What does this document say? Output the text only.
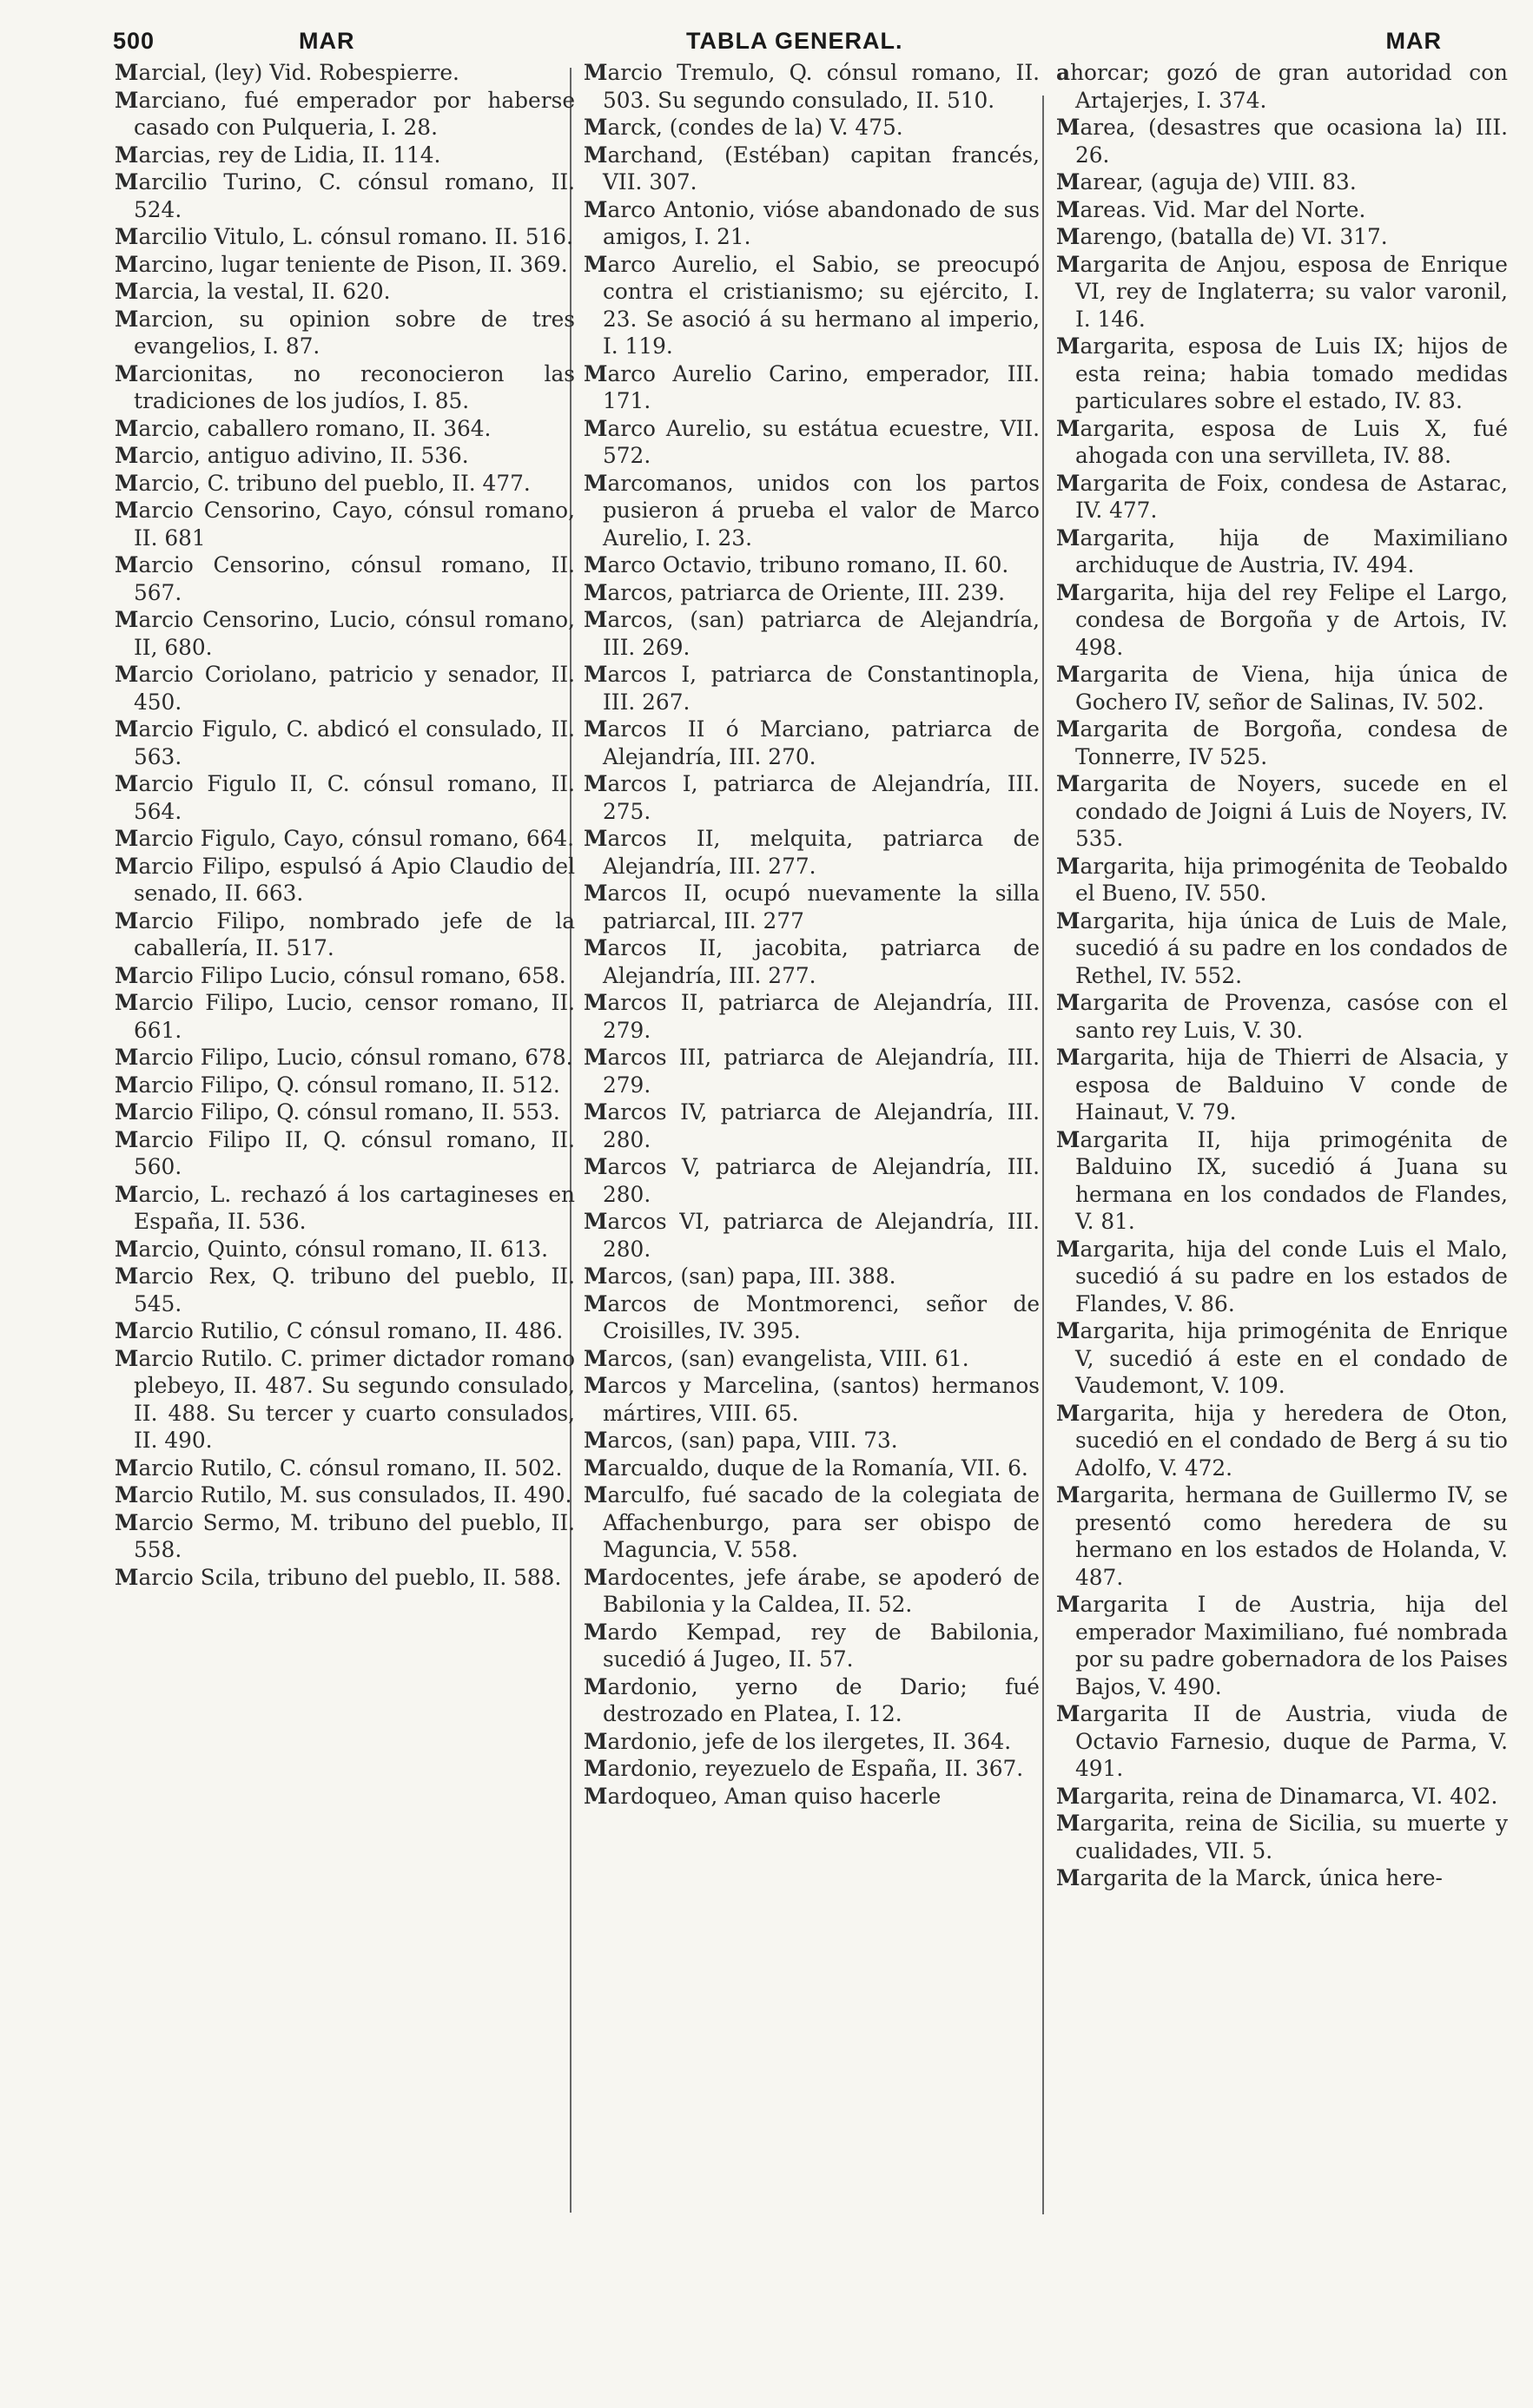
500	MAR	TABLA GENERAL.	MAR

Marcial, (ley) Vid. Robespierre.

Marciano, fué emperador por haberse casado con Pulqueria, I. 28.

Marcias, rey de Lidia, II. 114.

Marcilio Turino, C. cónsul romano, II. 524.

Marcilio Vitulo, L. cónsul romano. II. 516.

Marcino, lugar teniente de Pison, II. 369.

Marcia, la vestal, II. 620.

Marcion, su opinion sobre de tres evangelios, I. 87.

Marcionitas, no reconocieron las tradiciones de los judíos, I. 85.

Marcio, caballero romano, II. 364.

Marcio, antiguo adivino, II. 536.

Marcio, C. tribuno del pueblo, II. 477.

Marcio Censorino, Cayo, cónsul romano, II. 681

Marcio Censorino, cónsul romano, II. 567.

Marcio Censorino, Lucio, cónsul romano, II, 680.

Marcio Coriolano, patricio y senador, II. 450.

Marcio Figulo, C. abdicó el consulado, II. 563.

Marcio Figulo II, C. cónsul romano, II. 564.

Marcio Figulo, Cayo, cónsul romano, 664.

Marcio Filipo, espulsó á Apio Claudio del senado, II. 663.

Marcio Filipo, nombrado jefe de la caballería, II. 517.

Marcio Filipo Lucio, cónsul romano, 658.

Marcio Filipo, Lucio, censor romano, II. 661.

Marcio Filipo, Lucio, cónsul romano, 678.

Marcio Filipo, Q. cónsul romano, II. 512.

Marcio Filipo, Q. cónsul romano, II. 553.

Marcio Filipo II, Q. cónsul romano, II. 560.

Marcio, L. rechazó á los cartagineses en España, II. 536.

Marcio, Quinto, cónsul romano, II. 613.

Marcio Rex, Q. tribuno del pueblo, II. 545.

Marcio Rutilio, C cónsul romano, II. 486.

Marcio Rutilo. C. primer dictador romano plebeyo, II. 487. Su segundo consulado, II. 488. Su tercer y cuarto consulados, II. 490.

Marcio Rutilo, C. cónsul romano, II. 502.

Marcio Rutilo, M. sus consulados, II. 490.

Marcio Sermo, M. tribuno del pueblo, II. 558.

Marcio Scila, tribuno del pueblo, II. 588.

Marcio Tremulo, Q. cónsul romano, II. 503. Su segundo consulado, II. 510.

Marck, (condes de la) V. 475.

Marchand, (Estéban) capitan francés, VII. 307.

Marco Antonio, vióse abandonado de sus amigos, I. 21.

Marco Aurelio, el Sabio, se preocupó contra el cristianismo; su ejército, I. 23. Se asoció á su hermano al imperio, I. 119.

Marco Aurelio Carino, emperador, III. 171.

Marco Aurelio, su estátua ecuestre, VII. 572.

Marcomanos, unidos con los partos pusieron á prueba el valor de Marco Aurelio, I. 23.

Marco Octavio, tribuno romano, II. 60.

Marcos, patriarca de Oriente, III. 239.

Marcos, (san) patriarca de Alejandría, III. 269.

Marcos I, patriarca de Constantinopla, III. 267.

Marcos II ó Marciano, patriarca de Alejandría, III. 270.

Marcos I, patriarca de Alejandría, III. 275.

Marcos II, melquita, patriarca de Alejandría, III. 277.

Marcos II, ocupó nuevamente la silla patriarcal, III. 277

Marcos II, jacobita, patriarca de Alejandría, III. 277.

Marcos II, patriarca de Alejandría, III. 279.

Marcos III, patriarca de Alejandría, III. 279.

Marcos IV, patriarca de Alejandría, III. 280.

Marcos V, patriarca de Alejandría, III. 280.

Marcos VI, patriarca de Alejandría, III. 280.

Marcos, (san) papa, III. 388.

Marcos de Montmorenci, señor de Croisilles, IV. 395.

Marcos, (san) evangelista, VIII. 61.

Marcos y Marcelina, (santos) hermanos mártires, VIII. 65.

Marcos, (san) papa, VIII. 73.

Marcualdo, duque de la Romanía, VII. 6.

Marculfo, fué sacado de la colegiata de Affachenburgo, para ser obispo de Maguncia, V. 558.

Mardocentes, jefe árabe, se apoderó de Babilonia y la Caldea, II. 52.

Mardo Kempad, rey de Babilonia, sucedió á Jugeo, II. 57.

Mardonio, yerno de Dario; fué destrozado en Platea, I. 12.

Mardonio, jefe de los ilergetes, II. 364.

Mardonio, reyezuelo de España, II. 367.

Mardoqueo, Aman quiso hacerle

ahorcar; gozó de gran autoridad con Artajerjes, I. 374.

Marea, (desastres que ocasiona la) III. 26.

Marear, (aguja de) VIII. 83.

Mareas. Vid. Mar del Norte.

Marengo, (batalla de) VI. 317.

Margarita de Anjou, esposa de Enrique VI, rey de Inglaterra; su valor varonil, I. 146.

Margarita, esposa de Luis IX; hijos de esta reina; habia tomado medidas particulares sobre el estado, IV. 83.

Margarita, esposa de Luis X, fué ahogada con una servilleta, IV. 88.

Margarita de Foix, condesa de Astarac, IV. 477.

Margarita, hija de Maximiliano archiduque de Austria, IV. 494.

Margarita, hija del rey Felipe el Largo, condesa de Borgoña y de Artois, IV. 498.

Margarita de Viena, hija única de Gochero IV, señor de Salinas, IV. 502.

Margarita de Borgoña, condesa de Tonnerre, IV 525.

Margarita de Noyers, sucede en el condado de Joigni á Luis de Noyers, IV. 535.

Margarita, hija primogénita de Teobaldo el Bueno, IV. 550.

Margarita, hija única de Luis de Male, sucedió á su padre en los condados de Rethel, IV. 552.

Margarita de Provenza, casóse con el santo rey Luis, V. 30.

Margarita, hija de Thierri de Alsacia, y esposa de Balduino V conde de Hainaut, V. 79.

Margarita II, hija primogénita de Balduino IX, sucedió á Juana su hermana en los condados de Flandes, V. 81.

Margarita, hija del conde Luis el Malo, sucedió á su padre en los estados de Flandes, V. 86.

Margarita, hija primogénita de Enrique V, sucedió á este en el condado de Vaudemont, V. 109.

Margarita, hija y heredera de Oton, sucedió en el condado de Berg á su tio Adolfo, V. 472.

Margarita, hermana de Guillermo IV, se presentó como heredera de su hermano en los estados de Holanda, V. 487.

Margarita I de Austria, hija del emperador Maximiliano, fué nombrada por su padre gobernadora de los Paises Bajos, V. 490.

Margarita II de Austria, viuda de Octavio Farnesio, duque de Parma, V. 491.

Margarita, reina de Dinamarca, VI. 402.

Margarita, reina de Sicilia, su muerte y cualidades, VII. 5.

Margarita de la Marck, única here-
